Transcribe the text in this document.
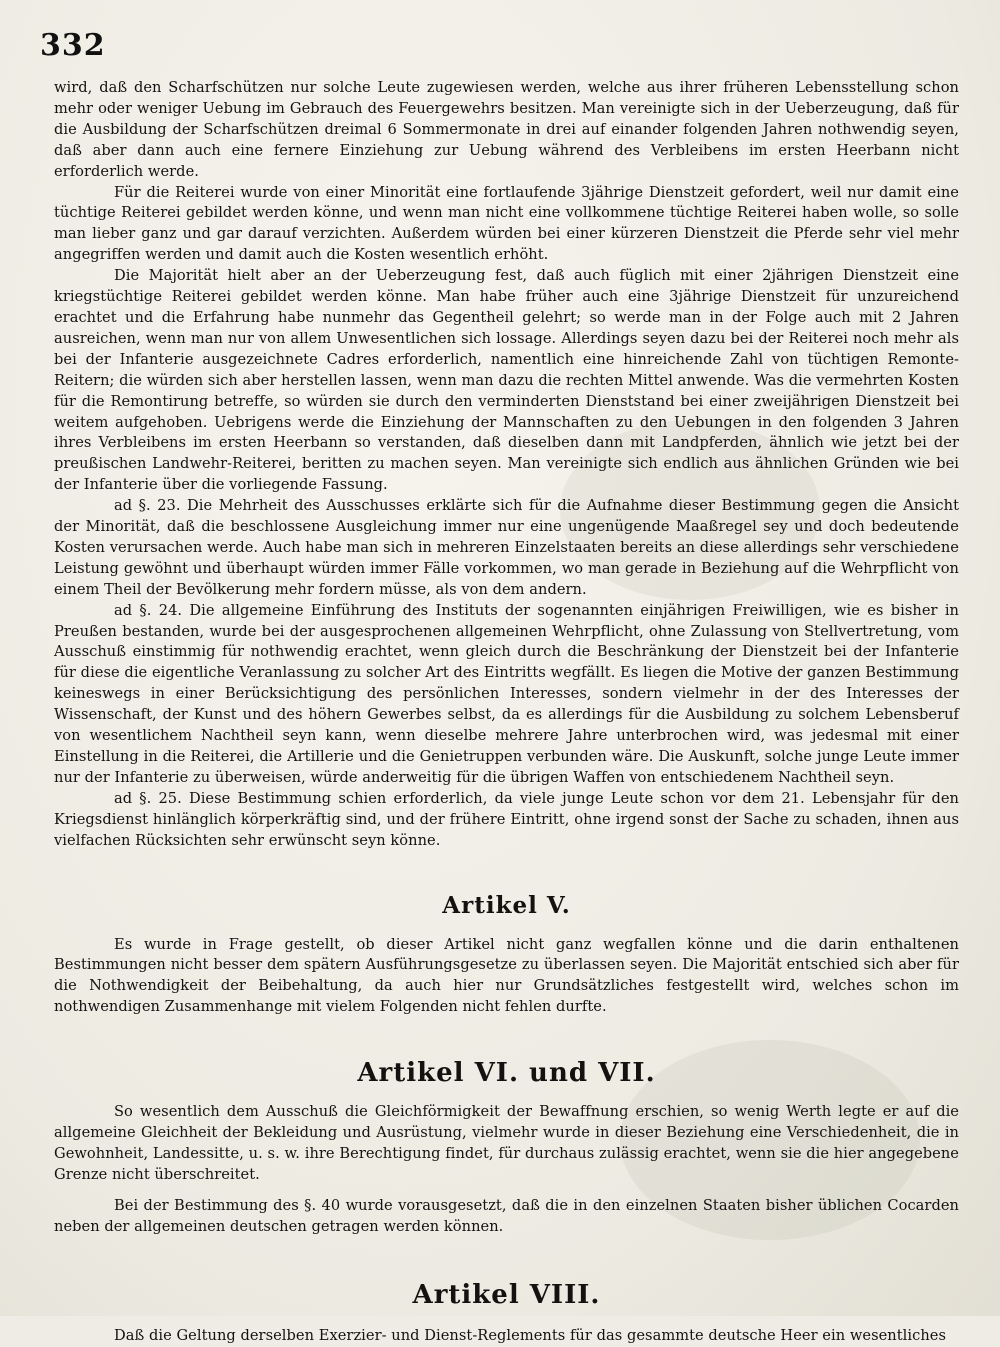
332

wird, daß den Scharfschützen nur solche Leute zugewiesen werden, welche aus ihrer früheren Lebensstellung schon mehr oder weniger Uebung im Gebrauch des Feuergewehrs besitzen. Man vereinigte sich in der Ueberzeugung, daß für die Ausbildung der Scharfschützen dreimal 6 Sommermonate in drei auf einander folgenden Jahren nothwendig seyen, daß aber dann auch eine fernere Einziehung zur Uebung während des Verbleibens im ersten Heerbann nicht erforderlich werde.

Für die Reiterei wurde von einer Minorität eine fortlaufende 3jährige Dienstzeit gefordert, weil nur damit eine tüchtige Reiterei gebildet werden könne, und wenn man nicht eine vollkommene tüchtige Reiterei haben wolle, so solle man lieber ganz und gar darauf verzichten. Außerdem würden bei einer kürzeren Dienstzeit die Pferde sehr viel mehr angegriffen werden und damit auch die Kosten wesentlich erhöht.

Die Majorität hielt aber an der Ueberzeugung fest, daß auch füglich mit einer 2jährigen Dienstzeit eine kriegstüchtige Reiterei gebildet werden könne. Man habe früher auch eine 3jährige Dienstzeit für unzureichend erachtet und die Erfahrung habe nunmehr das Gegentheil gelehrt; so werde man in der Folge auch mit 2 Jahren ausreichen, wenn man nur von allem Unwesentlichen sich lossage. Allerdings seyen dazu bei der Reiterei noch mehr als bei der Infanterie ausgezeichnete Cadres erforderlich, namentlich eine hinreichende Zahl von tüchtigen Remonte-Reitern; die würden sich aber herstellen lassen, wenn man dazu die rechten Mittel anwende. Was die vermehrten Kosten für die Remontirung betreffe, so würden sie durch den verminderten Dienststand bei einer zweijährigen Dienstzeit bei weitem aufgehoben. Uebrigens werde die Einziehung der Mannschaften zu den Uebungen in den folgenden 3 Jahren ihres Verbleibens im ersten Heerbann so verstanden, daß dieselben dann mit Landpferden, ähnlich wie jetzt bei der preußischen Landwehr-Reiterei, beritten zu machen seyen. Man vereinigte sich endlich aus ähnlichen Gründen wie bei der Infanterie über die vorliegende Fassung.

ad §. 23. Die Mehrheit des Ausschusses erklärte sich für die Aufnahme dieser Bestimmung gegen die Ansicht der Minorität, daß die beschlossene Ausgleichung immer nur eine ungenügende Maaßregel sey und doch bedeutende Kosten verursachen werde. Auch habe man sich in mehreren Einzelstaaten bereits an diese allerdings sehr verschiedene Leistung gewöhnt und überhaupt würden immer Fälle vorkommen, wo man gerade in Beziehung auf die Wehrpflicht von einem Theil der Bevölkerung mehr fordern müsse, als von dem andern.

ad §. 24. Die allgemeine Einführung des Instituts der sogenannten einjährigen Freiwilligen, wie es bisher in Preußen bestanden, wurde bei der ausgesprochenen allgemeinen Wehrpflicht, ohne Zulassung von Stellvertretung, vom Ausschuß einstimmig für nothwendig erachtet, wenn gleich durch die Beschränkung der Dienstzeit bei der Infanterie für diese die eigentliche Veranlassung zu solcher Art des Eintritts wegfällt. Es liegen die Motive der ganzen Bestimmung keineswegs in einer Berücksichtigung des persönlichen Interesses, sondern vielmehr in der des Interesses der Wissenschaft, der Kunst und des höhern Gewerbes selbst, da es allerdings für die Ausbildung zu solchem Lebensberuf von wesentlichem Nachtheil seyn kann, wenn dieselbe mehrere Jahre unterbrochen wird, was jedesmal mit einer Einstellung in die Reiterei, die Artillerie und die Genietruppen verbunden wäre. Die Auskunft, solche junge Leute immer nur der Infanterie zu überweisen, würde anderweitig für die übrigen Waffen von entschiedenem Nachtheil seyn.

ad §. 25. Diese Bestimmung schien erforderlich, da viele junge Leute schon vor dem 21. Lebensjahr für den Kriegsdienst hinlänglich körperkräftig sind, und der frühere Eintritt, ohne irgend sonst der Sache zu schaden, ihnen aus vielfachen Rücksichten sehr erwünscht seyn könne.

Artikel V.

Es wurde in Frage gestellt, ob dieser Artikel nicht ganz wegfallen könne und die darin enthaltenen Bestimmungen nicht besser dem spätern Ausführungsgesetze zu überlassen seyen. Die Majorität entschied sich aber für die Nothwendigkeit der Beibehaltung, da auch hier nur Grundsätzliches festgestellt wird, welches schon im nothwendigen Zusammenhange mit vielem Folgenden nicht fehlen durfte.

Artikel VI. und VII.

So wesentlich dem Ausschuß die Gleichförmigkeit der Bewaffnung erschien, so wenig Werth legte er auf die allgemeine Gleichheit der Bekleidung und Ausrüstung, vielmehr wurde in dieser Beziehung eine Verschiedenheit, die in Gewohnheit, Landessitte, u. s. w. ihre Berechtigung findet, für durchaus zulässig erachtet, wenn sie die hier angegebene Grenze nicht überschreitet.

Bei der Bestimmung des §. 40 wurde vorausgesetzt, daß die in den einzelnen Staaten bisher üblichen Cocarden neben der allgemeinen deutschen getragen werden können.

Artikel VIII.

Daß die Geltung derselben Exerzier- und Dienst-Reglements für das gesammte deutsche Heer ein wesentliches
